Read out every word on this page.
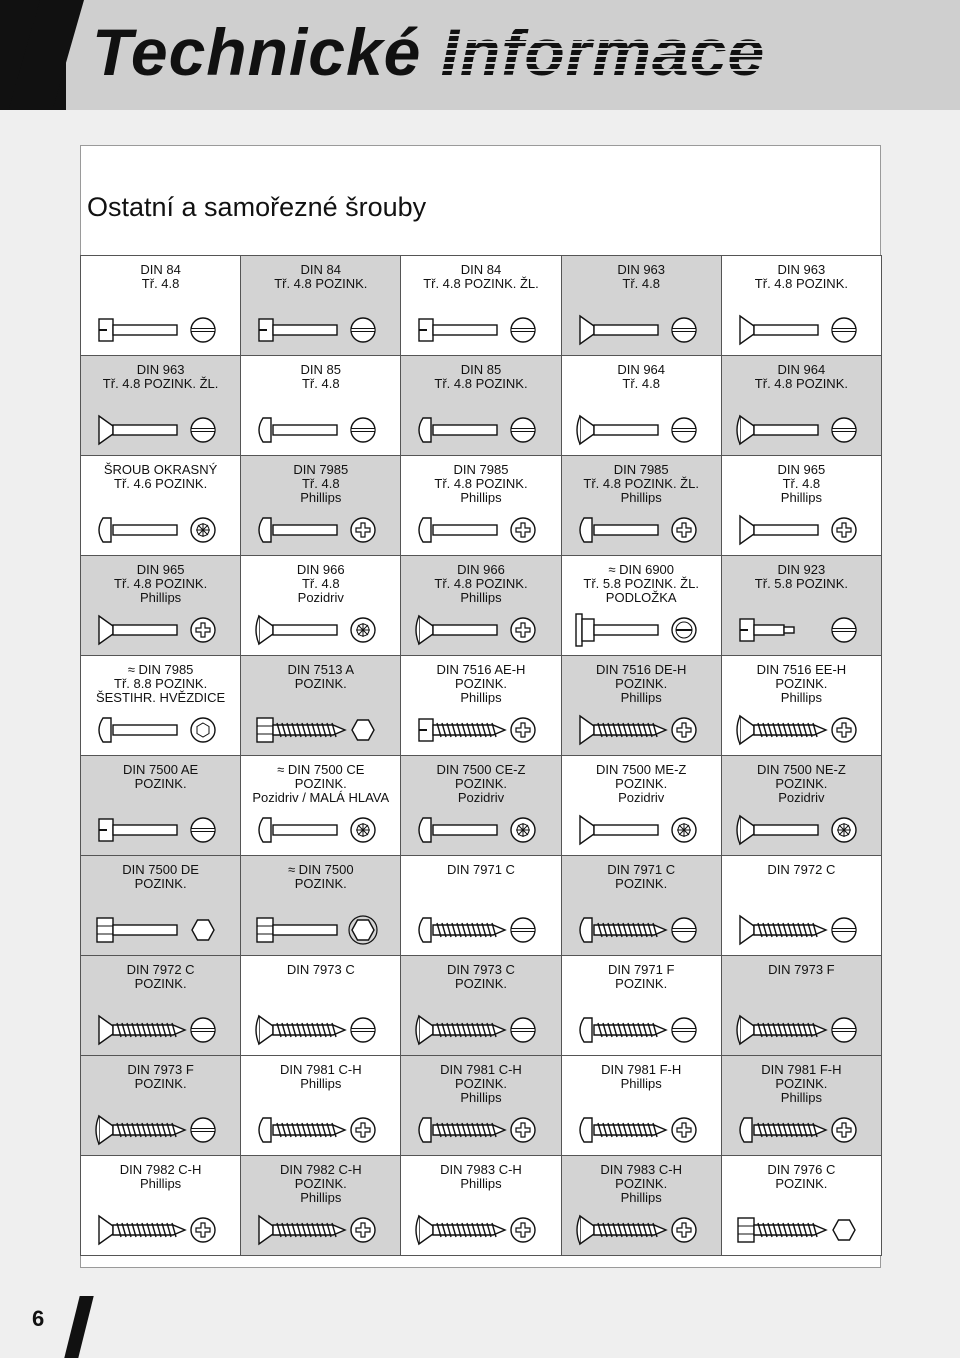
Technické Informace
Ostatní a samořezné šrouby
DIN 84
Tř. 4.8
DIN 84
Tř. 4.8 POZINK.
DIN 84
Tř. 4.8 POZINK. ŽL.
DIN 963
Tř. 4.8
DIN 963
Tř. 4.8 POZINK.
DIN 963
Tř. 4.8 POZINK. ŽL.
DIN 85
Tř. 4.8
DIN 85
Tř. 4.8 POZINK.
DIN 964
Tř. 4.8
DIN 964
Tř. 4.8 POZINK.
ŠROUB OKRASNÝ
Tř. 4.6 POZINK.
DIN 7985
Tř. 4.8
Phillips
DIN 7985
Tř. 4.8 POZINK.
Phillips
DIN 7985
Tř. 4.8 POZINK. ŽL.
Phillips
DIN 965
Tř. 4.8
Phillips
DIN 965
Tř. 4.8 POZINK.
Phillips
DIN 966
Tř. 4.8
Pozidriv
DIN 966
Tř. 4.8 POZINK.
Phillips
≈ DIN 6900
Tř. 5.8 POZINK. ŽL.
PODLOŽKA
DIN 923
Tř. 5.8 POZINK.
≈ DIN 7985
Tř. 8.8 POZINK.
ŠESTIHR. HVĚZDICE
DIN 7513 A
POZINK.
DIN 7516 AE-H
POZINK.
Phillips
DIN 7516 DE-H
POZINK.
Phillips
DIN 7516 EE-H
POZINK.
Phillips
DIN 7500 AE
POZINK.
≈ DIN 7500 CE
POZINK.
Pozidriv / MALÁ HLAVA
DIN 7500 CE-Z
POZINK.
Pozidriv
DIN 7500 ME-Z
POZINK.
Pozidriv
DIN 7500 NE-Z
POZINK.
Pozidriv
DIN 7500 DE
POZINK.
≈ DIN 7500
POZINK.
DIN 7971 C	DIN 7971 C
POZINK.
DIN 7972 C
DIN 7972 C
POZINK.
DIN 7973 C	DIN 7973 C
POZINK.
DIN 7971 F
POZINK.
DIN 7973 F
DIN 7973 F
POZINK.
DIN 7981 C-H
Phillips
DIN 7981 C-H
POZINK.
Phillips
DIN 7981 F-H
Phillips
DIN 7981 F-H
POZINK.
Phillips
DIN 7982 C-H
Phillips
DIN 7982 C-H
POZINK.
Phillips
DIN 7983 C-H
Phillips
DIN 7983 C-H
POZINK.
Phillips
DIN 7976 C
POZINK.
6
